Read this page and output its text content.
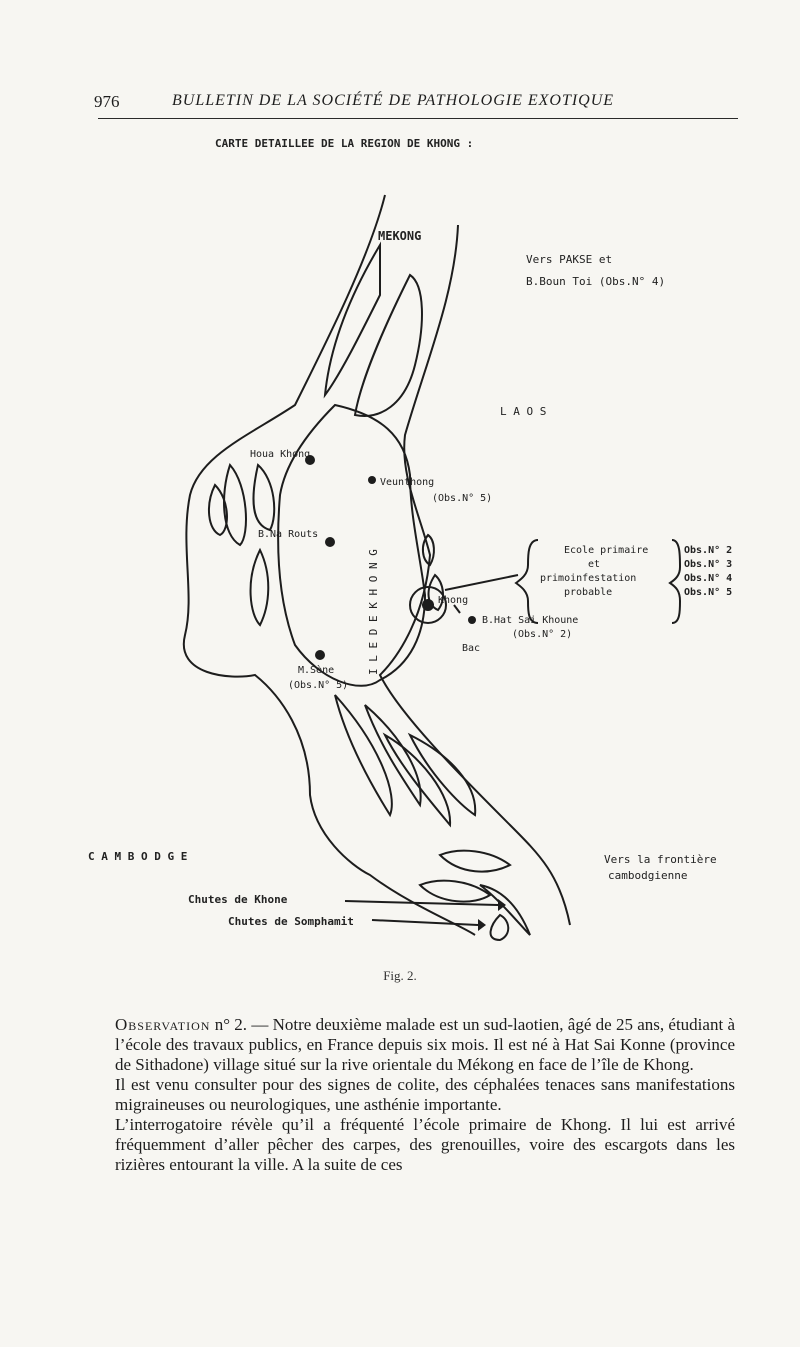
976	BULLETIN DE LA SOCIÉTÉ DE PATHOLOGIE EXOTIQUE
CARTE DETAILLEE DE LA REGION DE KHONG :
MEKONG
Vers PAKSE et
B.Boun Toi (Obs.N° 4)
L A O S
C A M B O D G E
I L E D E K H O N G
Houa Khong
B.Na Routs
M.Sène
(Obs.N° 5)
Veunthong
(Obs.N° 5)
Khong
B.Hat Sai Khoune
(Obs.N° 2)
Bac
Ecole primaire
et
primoinfestation
probable
Obs.N° 2
Obs.N° 3
Obs.N° 4
Obs.N° 5
Vers la frontière
cambodgienne
Chutes de Khone
Chutes de Somphamit
Fig. 2.

Observation n° 2. — Notre deuxième malade est un sud-laotien, âgé de 25 ans, étudiant à l’école des travaux publics, en France depuis six mois. Il est né à Hat Sai Konne (province de Sithadone) village situé sur la rive orientale du Mékong en face de l’île de Khong.

Il est venu consulter pour des signes de colite, des céphalées tenaces sans manifestations migraineuses ou neurologiques, une asthénie importante.

L’interrogatoire révèle qu’il a fréquenté l’école primaire de Khong. Il lui est arrivé fréquemment d’aller pêcher des carpes, des grenouilles, voire des escargots dans les rizières entourant la ville. A la suite de ces
